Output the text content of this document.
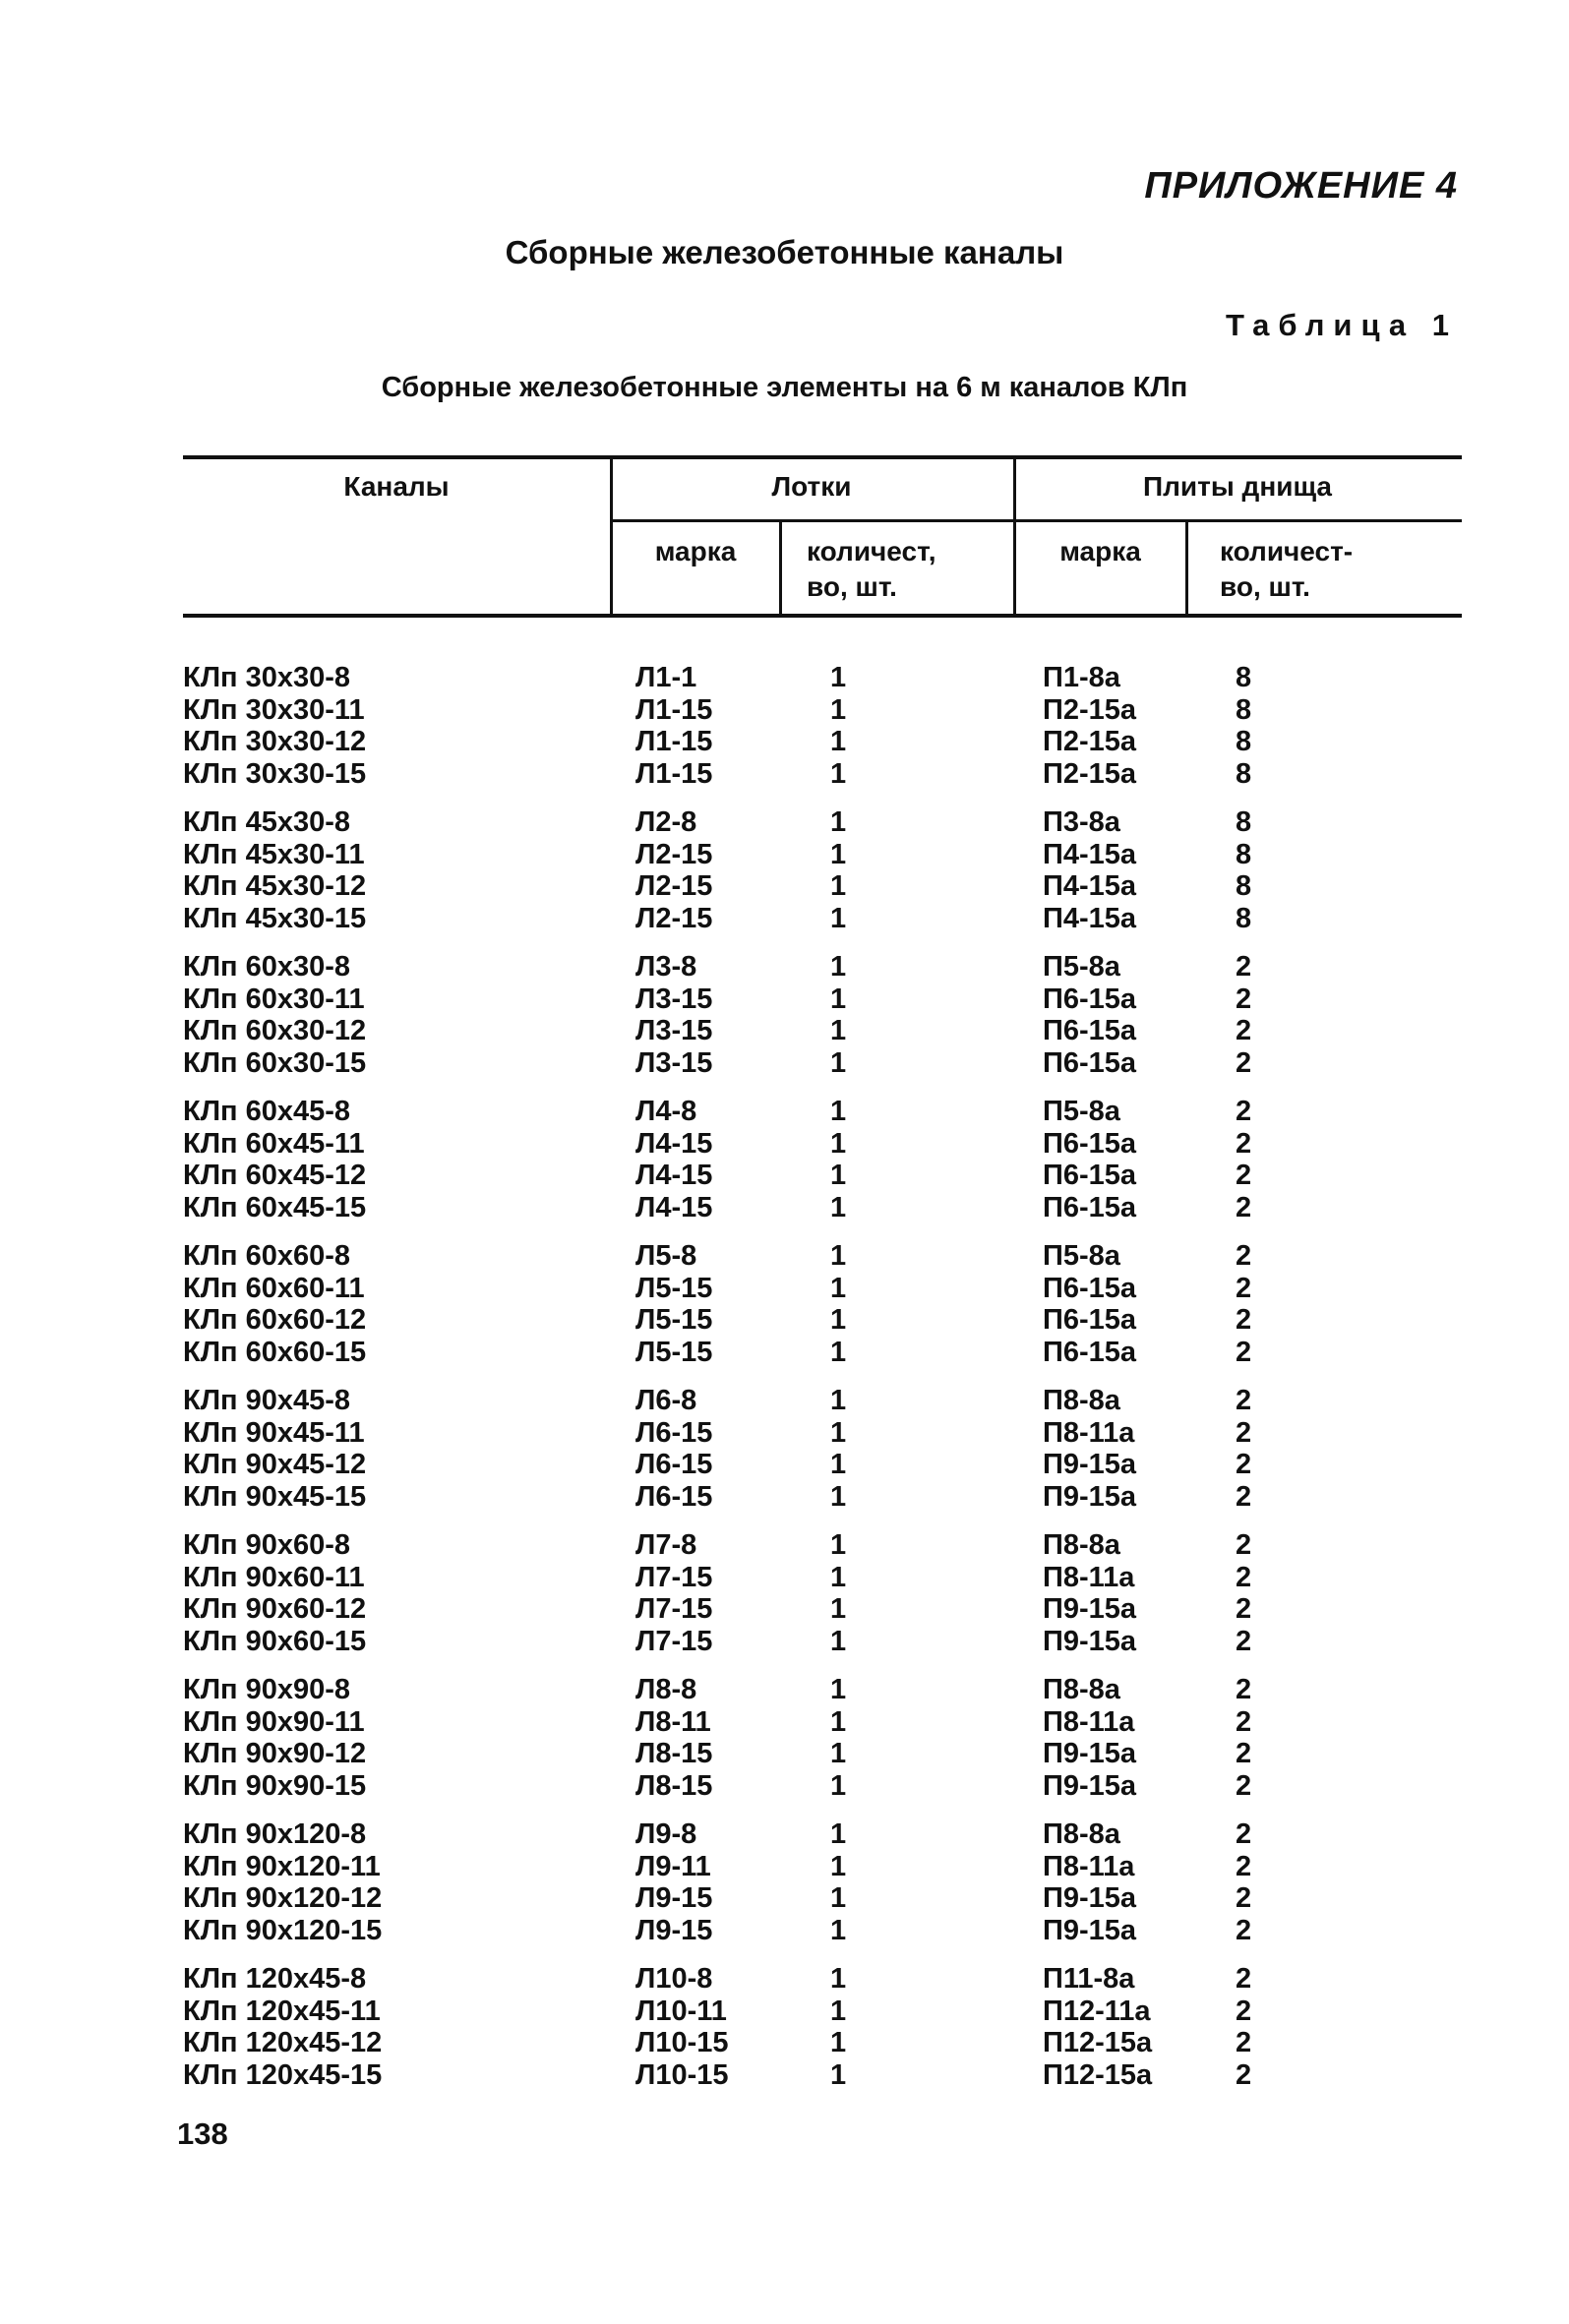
ПРИЛОЖЕНИЕ 4
Сборные железобетонные каналы
Таблица 1
Сборные железобетонные элементы на 6 м каналов КЛп
Каналы	Лотки	Плиты днища
марка	количест, во, шт.
марка	количест- во, шт.
КЛп 30х30-8	Л1-1	1	П1-8а	8
КЛп 30х30-11	Л1-15	1	П2-15а	8
КЛп 30х30-12	Л1-15	1	П2-15а	8
КЛп 30х30-15	Л1-15	1	П2-15а	8
КЛп 45х30-8	Л2-8	1	П3-8а	8
КЛп 45х30-11	Л2-15	1	П4-15а	8
КЛп 45х30-12	Л2-15	1	П4-15а	8
КЛп 45х30-15	Л2-15	1	П4-15а	8
КЛп 60х30-8	Л3-8	1	П5-8а	2
КЛп 60х30-11	Л3-15	1	П6-15а	2
КЛп 60х30-12	Л3-15	1	П6-15а	2
КЛп 60х30-15	Л3-15	1	П6-15а	2
КЛп 60х45-8	Л4-8	1	П5-8а	2
КЛп 60х45-11	Л4-15	1	П6-15а	2
КЛп 60х45-12	Л4-15	1	П6-15а	2
КЛп 60х45-15	Л4-15	1	П6-15а	2
КЛп 60х60-8	Л5-8	1	П5-8а	2
КЛп 60х60-11	Л5-15	1	П6-15а	2
КЛп 60х60-12	Л5-15	1	П6-15а	2
КЛп 60х60-15	Л5-15	1	П6-15а	2
КЛп 90х45-8	Л6-8	1	П8-8а	2
КЛп 90х45-11	Л6-15	1	П8-11а	2
КЛп 90х45-12	Л6-15	1	П9-15а	2
КЛп 90х45-15	Л6-15	1	П9-15а	2
КЛп 90х60-8	Л7-8	1	П8-8а	2
КЛп 90х60-11	Л7-15	1	П8-11а	2
КЛп 90х60-12	Л7-15	1	П9-15а	2
КЛп 90х60-15	Л7-15	1	П9-15а	2
КЛп 90х90-8	Л8-8	1	П8-8а	2
КЛп 90х90-11	Л8-11	1	П8-11а	2
КЛп 90х90-12	Л8-15	1	П9-15а	2
КЛп 90х90-15	Л8-15	1	П9-15а	2
КЛп 90х120-8	Л9-8	1	П8-8а	2
КЛп 90х120-11	Л9-11	1	П8-11а	2
КЛп 90х120-12	Л9-15	1	П9-15а	2
КЛп 90х120-15	Л9-15	1	П9-15а	2
КЛп 120х45-8	Л10-8	1	П11-8а	2
КЛп 120х45-11	Л10-11	1	П12-11а	2
КЛп 120х45-12	Л10-15	1	П12-15а	2
КЛп 120х45-15	Л10-15	1	П12-15а	2
138
